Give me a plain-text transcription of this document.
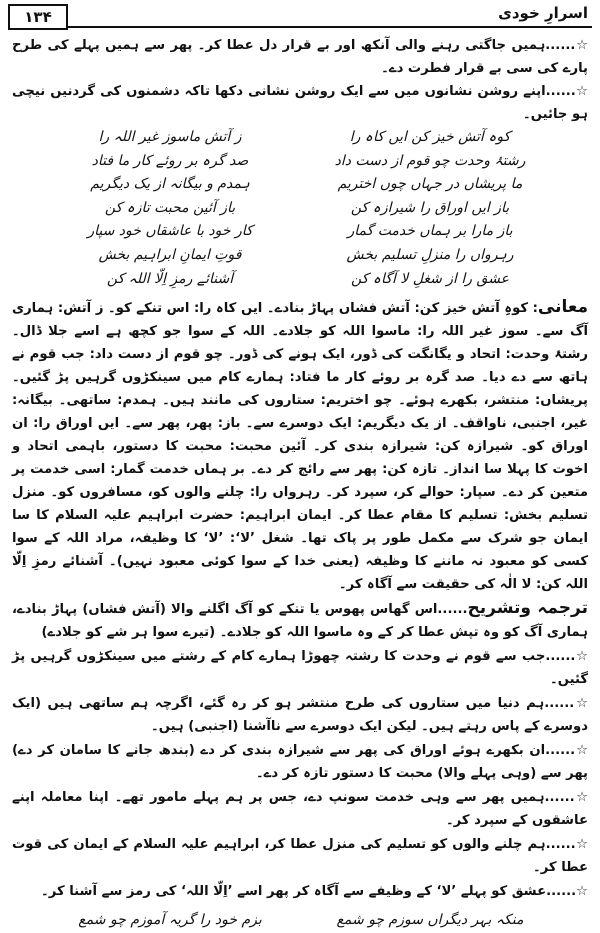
۱۳۴	اسرارِ خودی
☆......ہمیں جاگتی رہنے والی آنکھ اور بے قرار دل عطا کر۔ پھر سے ہمیں پہلے کی طرح پارے کی سی بے قرار فطرت دے۔
☆......اپنے روشن نشانوں میں سے ایک روشن نشانی دکھا تاکہ دشمنوں کی گردنیں نیچی ہو جائیں۔
کوہ آتش خیز کن ایں کاہ را
ز آتش ماسوز غیر اللہ را
رشتۂ وحدت چو قوم از دست داد
صد گرہ بر روئے کار ما فتاد
ما پریشاں در جہاں چوں اختریم
ہمدم و بیگانہ از یک دیگریم
باز ایں اوراق را شیرازہ کن
باز آئین محبت تازہ کن
باز مارا بر ہماں خدمت گمار
کار خود با عاشقاں خود سپار
رہرواں را منزلِ تسلیم بخش
قوتِ ایمانِ ابراہیم بخش
عشق را از شغلِ لا آگاہ کن
آشنائے رمزِ اِلّا اللہ کن
معانی: کوہِ آتش خیز کن: آتش فشاں پہاڑ بنادے۔ ایں کاہ را: اس تنکے کو۔ ز آتش: ہماری آگ سے۔ سوز غیر اللہ را: ماسوا اللہ کو جلادے۔ اللہ کے سوا جو کچھ ہے اسے جلا ڈال۔ رشتۂ وحدت: اتحاد و یگانگت کی ڈور، ایک ہونے کی ڈور۔ چو قوم از دست داد: جب قوم نے ہاتھ سے دے دیا۔ صد گرہ بر روئے کار ما فتاد: ہمارے کام میں سینکڑوں گرہیں پڑ گئیں۔ پریشاں: منتشر، بکھرے ہوئے۔ چو اختریم: ستاروں کی مانند ہیں۔ ہمدم: ساتھی۔ بیگانہ: غیر، اجنبی، ناواقف۔ از یک دیگریم: ایک دوسرے سے۔ باز: پھر، پھر سے۔ ایں اوراق را: ان اوراق کو۔ شیرازہ کن: شیرازہ بندی کر۔ آئین محبت: محبت کا دستور، باہمی اتحاد و اخوت کا پہلا سا انداز۔ تازہ کن: پھر سے رائج کر دے۔ بر ہماں خدمت گمار: اسی خدمت پر متعین کر دے۔ سپار: حوالے کر، سپرد کر۔ رہرواں را: چلنے والوں کو، مسافروں کو۔ منزل تسلیم بخش: تسلیم کا مقام عطا کر۔ ایمان ابراہیم: حضرت ابراہیم علیہ السلام کا سا ایمان جو شرک سے مکمل طور پر پاک تھا۔ شغل ’لا‘: ’لا‘ کا وظیفہ، مراد اللہ کے سوا کسی کو معبود نہ ماننے کا وظیفہ (یعنی خدا کے سوا کوئی معبود نہیں)۔ آشنائے رمزِ اِلّا اللہ کن: لا الٰہ کی حقیقت سے آگاہ کر۔
ترجمہ وتشریح......اس گھاس پھوس یا تنکے کو آگ اگلنے والا (آتش فشاں) پہاڑ بنادے، ہماری آگ کو وہ تپش عطا کر کے وہ ماسوا اللہ کو جلادے۔ (تیرے سوا ہر شے کو جلادے)
☆......جب سے قوم نے وحدت کا رشتہ چھوڑا ہمارے کام کے رشتے میں سینکڑوں گرہیں پڑ گئیں۔
☆......ہم دنیا میں ستاروں کی طرح منتشر ہو کر رہ گئے، اگرچہ ہم ساتھی ہیں (ایک دوسرے کے پاس رہتے ہیں۔ لیکن ایک دوسرے سے ناآشنا (اجنبی) ہیں۔
☆......ان بکھرے ہوئے اوراق کی پھر سے شیرازہ بندی کر دے (بندھ جانے کا سامان کر دے) پھر سے (وہی پہلے والا) محبت کا دستور تازہ کر دے۔
☆......ہمیں پھر سے وہی خدمت سونپ دے، جس پر ہم پہلے مامور تھے۔ اپنا معاملہ اپنے عاشقوں کے سپرد کر۔
☆......ہم چلنے والوں کو تسلیم کی منزل عطا کر، ابراہیم علیہ السلام کے ایمان کی قوت عطا کر۔
☆......عشق کو پہلے ’لا‘ کے وظیفے سے آگاہ کر پھر اسے ’اِلّا اللہ‘ کی رمز سے آشنا کر۔
منکہ بہر دیگراں سوزم چو شمع
بزم خود را گریہ آموزم چو شمع
